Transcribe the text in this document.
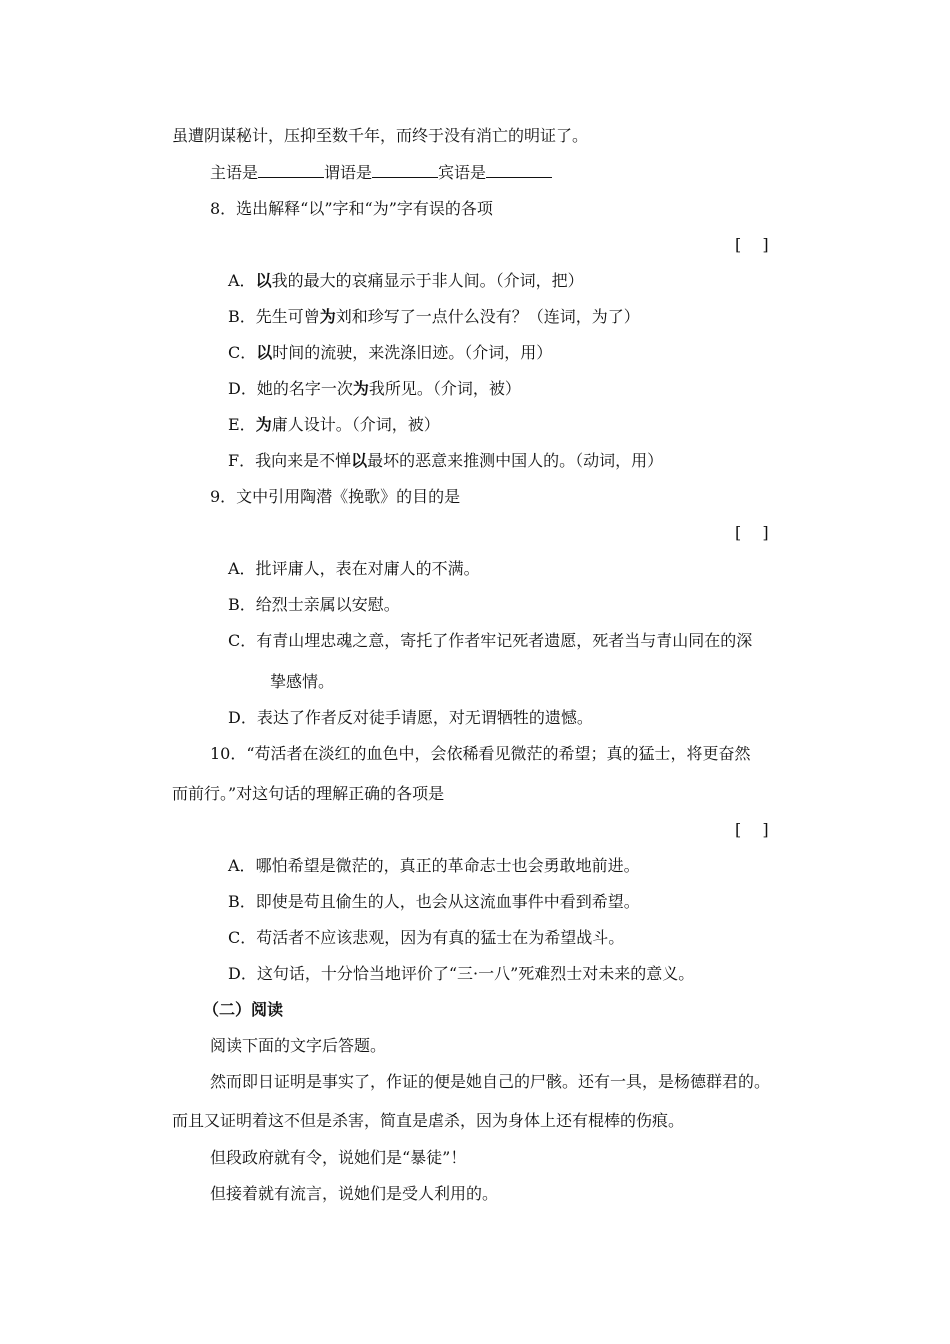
虽遭阴谋秘计，压抑至数千年，而终于没有消亡的明证了。
主语是	谓语是	宾语是
8．选出解释“以”字和“为”字有误的各项
[ ]
A．以我的最大的哀痛显示于非人间。（介词，把）
B．先生可曾为刘和珍写了一点什么没有？（连词，为了）
C．以时间的流驶，来洗涤旧迹。（介词，用）
D．她的名字一次为我所见。（介词，被）
E．为庸人设计。（介词，被）
F．我向来是不惮以最坏的恶意来推测中国人的。（动词，用）
9．文中引用陶潜《挽歌》的目的是
[ ]
A．批评庸人，表在对庸人的不满。
B．给烈士亲属以安慰。
C．有青山埋忠魂之意，寄托了作者牢记死者遗愿，死者当与青山同在的深
挚感情。
D．表达了作者反对徒手请愿，对无谓牺牲的遗憾。
10．“苟活者在淡红的血色中，会依稀看见微茫的希望；真的猛士，将更奋然
而前行。”对这句话的理解正确的各项是
[ ]
A．哪怕希望是微茫的，真正的革命志士也会勇敢地前进。
B．即使是苟且偷生的人，也会从这流血事件中看到希望。
C．苟活者不应该悲观，因为有真的猛士在为希望战斗。
D．这句话，十分恰当地评价了“三·一八”死难烈士对未来的意义。
（二）阅读
阅读下面的文字后答题。
然而即日证明是事实了，作证的便是她自己的尸骸。还有一具，是杨德群君的。
而且又证明着这不但是杀害，简直是虐杀，因为身体上还有棍棒的伤痕。
但段政府就有令，说她们是“暴徒”！
但接着就有流言，说她们是受人利用的。
